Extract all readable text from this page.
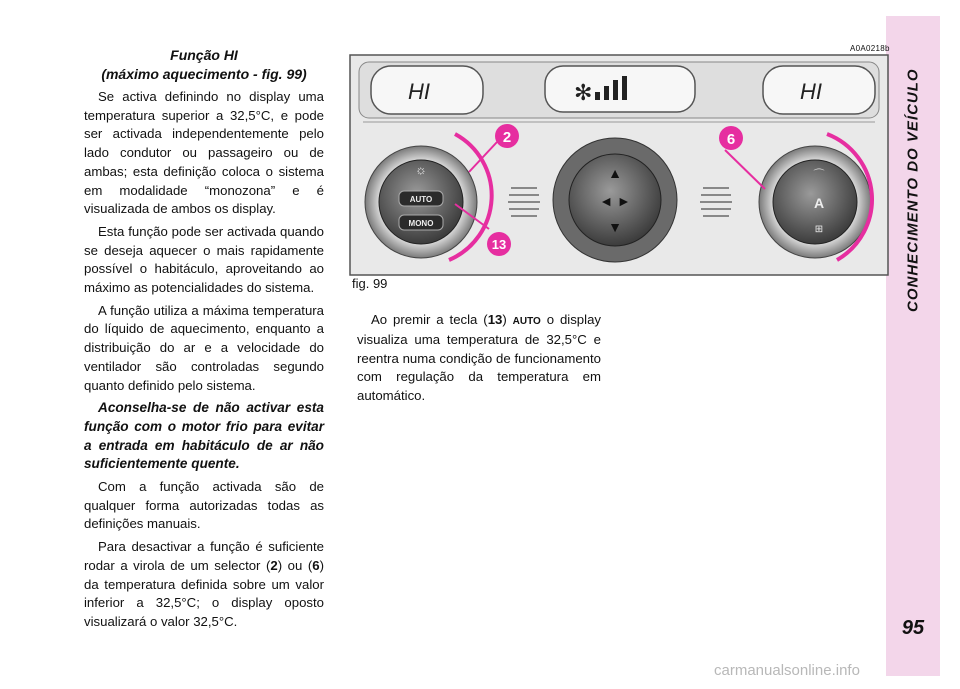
CONHECIMENTO DO VEÍCULO
95
Função HI
(máximo aquecimento - fig. 99)

Se activa definindo no display uma temperatura superior a 32,5°C, e pode ser activada independentemente pelo lado condutor ou passageiro ou de ambas; esta definição coloca o sistema em modalidade “monozona” e é visualizada de ambos os display.

Esta função pode ser activada quando se deseja aquecer o mais rapidamente possível o habitáculo, aproveitando ao máximo as potencialidades do sistema.

A função utiliza a máxima temperatura do líquido de aquecimento, enquanto a distribuição do ar e a velocidade do ventilador são controladas segundo quanto definido pelo sistema.

Aconselha-se de não activar esta função com o motor frio para evitar a entrada em habitáculo de ar não suficientemente quente.

Com a função activada são de qualquer forma autorizadas todas as definições manuais.

Para desactivar a função é suficiente rodar a virola de um selector (2) ou (6) da temperatura definida sobre um valor inferior a 32,5°C; o display oposto visualizará o valor 32,5°C.

A0A0218b
HI	✻	HI
☼
AUTO
MONO
▲
◄ ►
▼
⌒
A
⊞
2	6
13
fig. 99
Ao premir a tecla (13) AUTO o display visualiza uma temperatura de 32,5°C e reentra numa condição de funcionamento com regulação da temperatura em automático.
carmanualsonline.info
